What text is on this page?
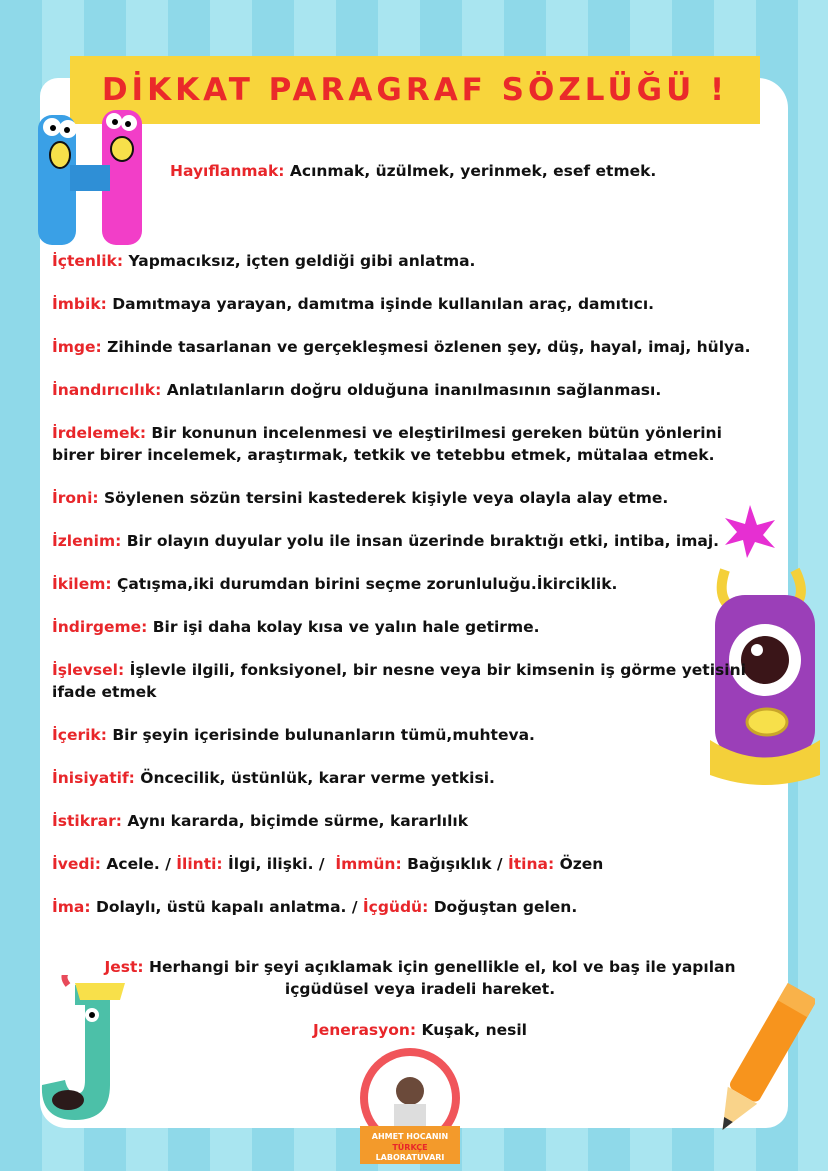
DİKKAT PARAGRAF SÖZLÜĞÜ !
Hayıflanmak: Acınmak, üzülmek, yerinmek, esef etmek.
İçtenlik: Yapmacıksız, içten geldiği gibi anlatma.
İmbik: Damıtmaya yarayan, damıtma işinde kullanılan araç, damıtıcı.
İmge: Zihinde tasarlanan ve gerçekleşmesi özlenen şey, düş, hayal, imaj, hülya.
İnandırıcılık: Anlatılanların doğru olduğuna inanılmasının sağlanması.
İrdelemek: Bir konunun incelenmesi ve eleştirilmesi gereken bütün yönlerini birer birer incelemek, araştırmak, tetkik ve tetebbu etmek, mütalaa etmek.
İroni: Söylenen sözün tersini kastederek kişiyle veya olayla alay etme.
İzlenim: Bir olayın duyular yolu ile insan üzerinde bıraktığı etki, intiba, imaj.
İkilem: Çatışma,iki durumdan birini seçme zorunluluğu.İkirciklik.
İndirgeme: Bir işi daha kolay kısa ve yalın hale getirme.
İşlevsel: İşlevle ilgili, fonksiyonel, bir nesne veya bir kimsenin iş görme yetisini ifade etmek
İçerik: Bir şeyin içerisinde bulunanların tümü,muhteva.
İnisiyatif: Öncecilik, üstünlük, karar verme yetkisi.
İstikrar: Aynı kararda, biçimde sürme, kararlılık
İvedi: Acele. / İlinti: İlgi, ilişki. /  İmmün: Bağışıklık / İtina: Özen
İma: Dolaylı, üstü kapalı anlatma. / İçgüdü: Doğuştan gelen.
Jest: Herhangi bir şeyi açıklamak için genellikle el, kol ve baş ile yapılan içgüdüsel veya iradeli hareket.
Jenerasyon: Kuşak, nesil
AHMET HOCANIN
TÜRKÇE
LABORATUVARI
